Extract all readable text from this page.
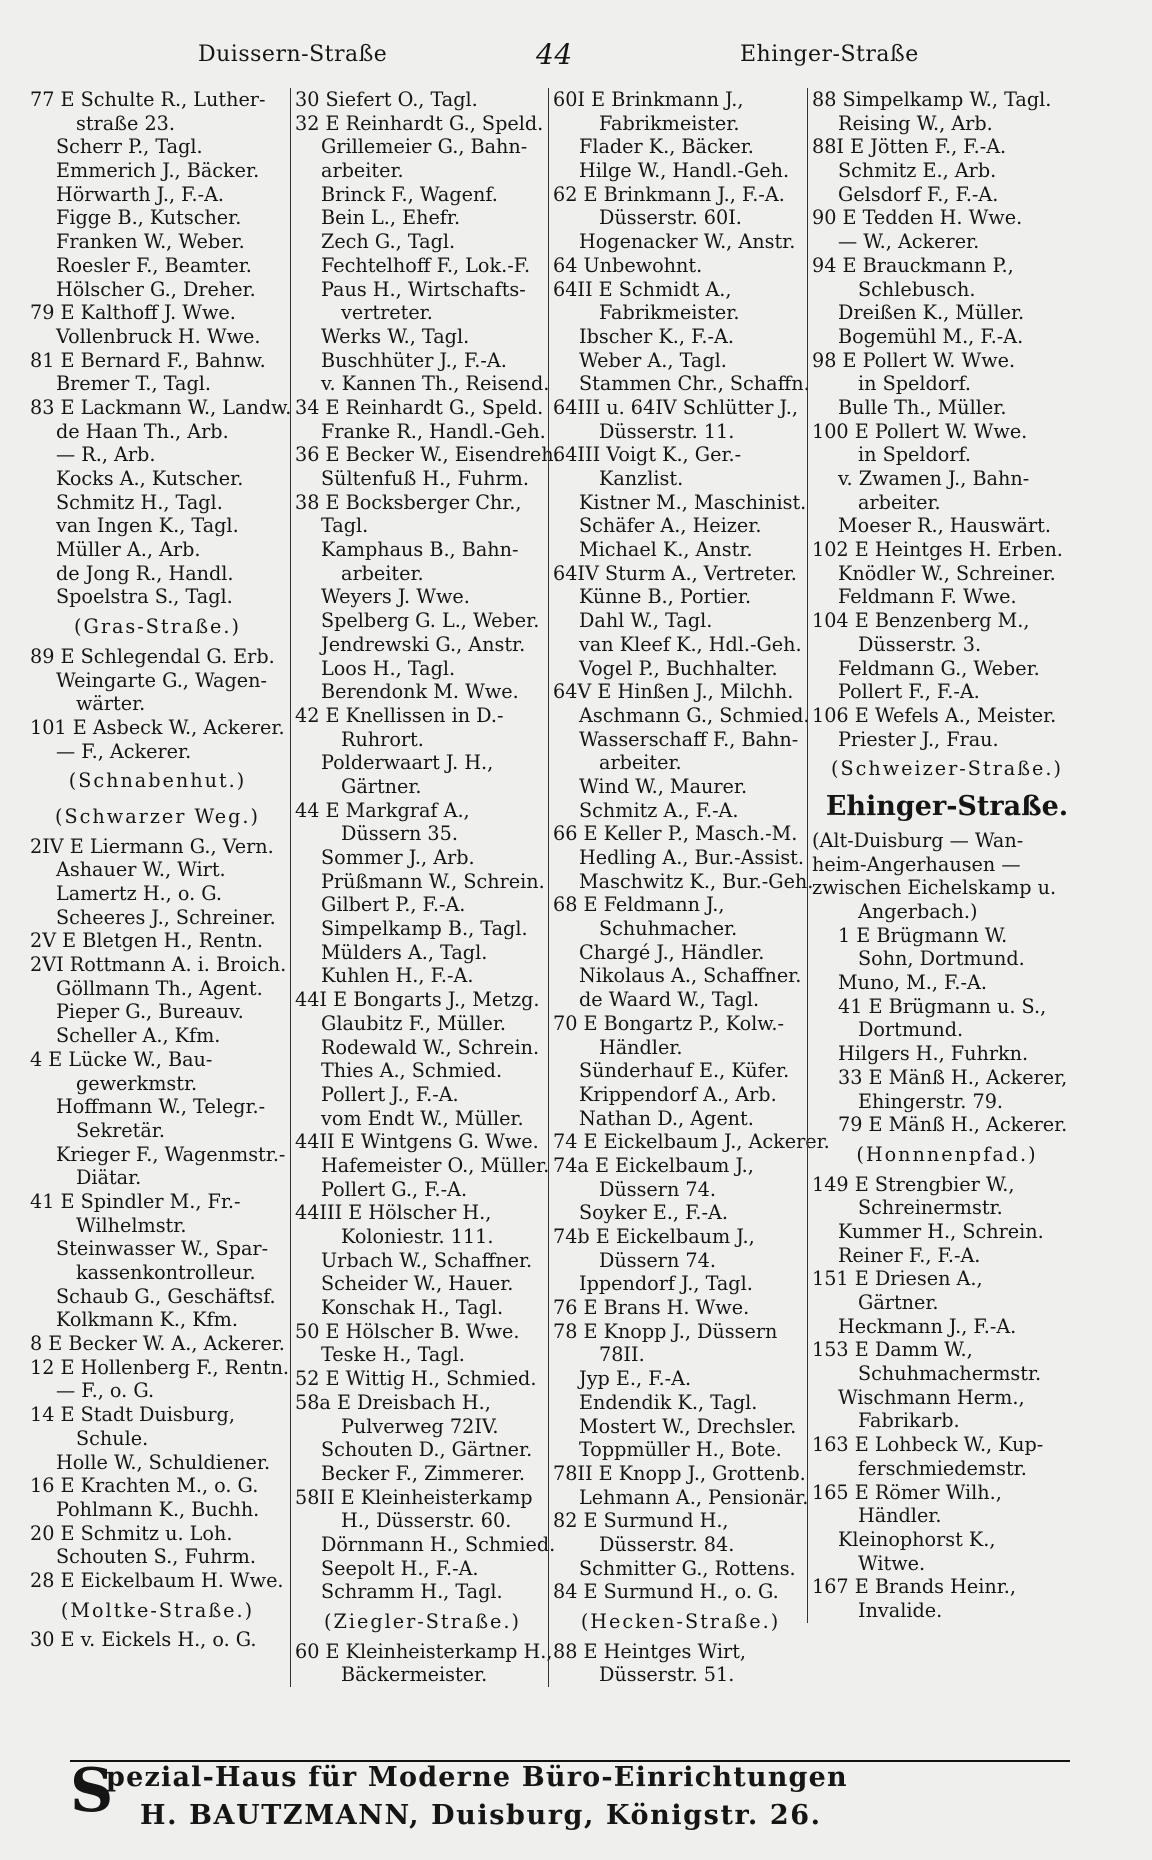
Duissern-Straße	44	Ehinger-Straße
77 E Schulte R., Luther-
straße 23.
Scherr P., Tagl.
Emmerich J., Bäcker.
Hörwarth J., F.-A.
Figge B., Kutscher.
Franken W., Weber.
Roesler F., Beamter.
Hölscher G., Dreher.
79 E Kalthoff J. Wwe.
Vollenbruck H. Wwe.
81 E Bernard F., Bahnw.
Bremer T., Tagl.
83 E Lackmann W., Landw.
de Haan Th., Arb.
— R., Arb.
Kocks A., Kutscher.
Schmitz H., Tagl.
van Ingen K., Tagl.
Müller A., Arb.
de Jong R., Handl.
Spoelstra S., Tagl.
(Gras-Straße.)
89 E Schlegendal G. Erb.
Weingarte G., Wagen-
wärter.
101 E Asbeck W., Ackerer.
— F., Ackerer.
(Schnabenhut.)
(Schwarzer Weg.)
2IV E Liermann G., Vern.
Ashauer W., Wirt.
Lamertz H., o. G.
Scheeres J., Schreiner.
2V E Bletgen H., Rentn.
2VI Rottmann A. i. Broich.
Göllmann Th., Agent.
Pieper G., Bureauv.
Scheller A., Kfm.
4 E Lücke W., Bau-
gewerkmstr.
Hoffmann W., Telegr.-
Sekretär.
Krieger F., Wagenmstr.-
Diätar.
41 E Spindler M., Fr.-
Wilhelmstr.
Steinwasser W., Spar-
kassenkontrolleur.
Schaub G., Geschäftsf.
Kolkmann K., Kfm.
8 E Becker W. A., Ackerer.
12 E Hollenberg F., Rentn.
— F., o. G.
14 E Stadt Duisburg,
Schule.
Holle W., Schuldiener.
16 E Krachten M., o. G.
Pohlmann K., Buchh.
20 E Schmitz u. Loh.
Schouten S., Fuhrm.
28 E Eickelbaum H. Wwe.
(Moltke-Straße.)
30 E v. Eickels H., o. G.
30 Siefert O., Tagl.
32 E Reinhardt G., Speld.
Grillemeier G., Bahn-
arbeiter.
Brinck F., Wagenf.
Bein L., Ehefr.
Zech G., Tagl.
Fechtelhoff F., Lok.-F.
Paus H., Wirtschafts-
vertreter.
Werks W., Tagl.
Buschhüter J., F.-A.
v. Kannen Th., Reisend.
34 E Reinhardt G., Speld.
Franke R., Handl.-Geh.
36 E Becker W., Eisendreh.
Sültenfuß H., Fuhrm.
38 E Bocksberger Chr.,
Tagl.
Kamphaus B., Bahn-
arbeiter.
Weyers J. Wwe.
Spelberg G. L., Weber.
Jendrewski G., Anstr.
Loos H., Tagl.
Berendonk M. Wwe.
42 E Knellissen in D.-
Ruhrort.
Polderwaart J. H.,
Gärtner.
44 E Markgraf A.,
Düssern 35.
Sommer J., Arb.
Prüßmann W., Schrein.
Gilbert P., F.-A.
Simpelkamp B., Tagl.
Mülders A., Tagl.
Kuhlen H., F.-A.
44I E Bongarts J., Metzg.
Glaubitz F., Müller.
Rodewald W., Schrein.
Thies A., Schmied.
Pollert J., F.-A.
vom Endt W., Müller.
44II E Wintgens G. Wwe.
Hafemeister O., Müller.
Pollert G., F.-A.
44III E Hölscher H.,
Koloniestr. 111.
Urbach W., Schaffner.
Scheider W., Hauer.
Konschak H., Tagl.
50 E Hölscher B. Wwe.
Teske H., Tagl.
52 E Wittig H., Schmied.
58a E Dreisbach H.,
Pulverweg 72IV.
Schouten D., Gärtner.
Becker F., Zimmerer.
58II E Kleinheisterkamp
H., Düsserstr. 60.
Dörnmann H., Schmied.
Seepolt H., F.-A.
Schramm H., Tagl.
(Ziegler-Straße.)
60 E Kleinheisterkamp H.,
Bäckermeister.
60I E Brinkmann J.,
Fabrikmeister.
Flader K., Bäcker.
Hilge W., Handl.-Geh.
62 E Brinkmann J., F.-A.
Düsserstr. 60I.
Hogenacker W., Anstr.
64 Unbewohnt.
64II E Schmidt A.,
Fabrikmeister.
Ibscher K., F.-A.
Weber A., Tagl.
Stammen Chr., Schaffn.
64III u. 64IV Schlütter J.,
Düsserstr. 11.
64III Voigt K., Ger.-
Kanzlist.
Kistner M., Maschinist.
Schäfer A., Heizer.
Michael K., Anstr.
64IV Sturm A., Vertreter.
Künne B., Portier.
Dahl W., Tagl.
van Kleef K., Hdl.-Geh.
Vogel P., Buchhalter.
64V E Hinßen J., Milchh.
Aschmann G., Schmied.
Wasserschaff F., Bahn-
arbeiter.
Wind W., Maurer.
Schmitz A., F.-A.
66 E Keller P., Masch.-M.
Hedling A., Bur.-Assist.
Maschwitz K., Bur.-Geh.
68 E Feldmann J.,
Schuhmacher.
Chargé J., Händler.
Nikolaus A., Schaffner.
de Waard W., Tagl.
70 E Bongartz P., Kolw.-
Händler.
Sünderhauf E., Küfer.
Krippendorf A., Arb.
Nathan D., Agent.
74 E Eickelbaum J., Ackerer.
74a E Eickelbaum J.,
Düssern 74.
Soyker E., F.-A.
74b E Eickelbaum J.,
Düssern 74.
Ippendorf J., Tagl.
76 E Brans H. Wwe.
78 E Knopp J., Düssern
78II.
Jyp E., F.-A.
Endendik K., Tagl.
Mostert W., Drechsler.
Toppmüller H., Bote.
78II E Knopp J., Grottenb.
Lehmann A., Pensionär.
82 E Surmund H.,
Düsserstr. 84.
Schmitter G., Rottens.
84 E Surmund H., o. G.
(Hecken-Straße.)
88 E Heintges Wirt,
Düsserstr. 51.
88 Simpelkamp W., Tagl.
Reising W., Arb.
88I E Jötten F., F.-A.
Schmitz E., Arb.
Gelsdorf F., F.-A.
90 E Tedden H. Wwe.
— W., Ackerer.
94 E Brauckmann P.,
Schlebusch.
Dreißen K., Müller.
Bogemühl M., F.-A.
98 E Pollert W. Wwe.
in Speldorf.
Bulle Th., Müller.
100 E Pollert W. Wwe.
in Speldorf.
v. Zwamen J., Bahn-
arbeiter.
Moeser R., Hauswärt.
102 E Heintges H. Erben.
Knödler W., Schreiner.
Feldmann F. Wwe.
104 E Benzenberg M.,
Düsserstr. 3.
Feldmann G., Weber.
Pollert F., F.-A.
106 E Wefels A., Meister.
Priester J., Frau.
(Schweizer-Straße.)
Ehinger-Straße.
(Alt-Duisburg — Wan-
heim-Angerhausen —
zwischen Eichelskamp u.
Angerbach.)
1 E Brügmann W.
Sohn, Dortmund.
Muno, M., F.-A.
41 E Brügmann u. S.,
Dortmund.
Hilgers H., Fuhrkn.
33 E Mänß H., Ackerer,
Ehingerstr. 79.
79 E Mänß H., Ackerer.
(Honnnenpfad.)
149 E Strengbier W.,
Schreinermstr.
Kummer H., Schrein.
Reiner F., F.-A.
151 E Driesen A.,
Gärtner.
Heckmann J., F.-A.
153 E Damm W.,
Schuhmachermstr.
Wischmann Herm.,
Fabrikarb.
163 E Lohbeck W., Kup-
ferschmiedemstr.
165 E Römer Wilh.,
Händler.
Kleinophorst K.,
Witwe.
167 E Brands Heinr.,
Invalide.
S
pezial-Haus für Moderne Büro-Einrichtungen
H. BAUTZMANN, Duisburg, Königstr. 26.
